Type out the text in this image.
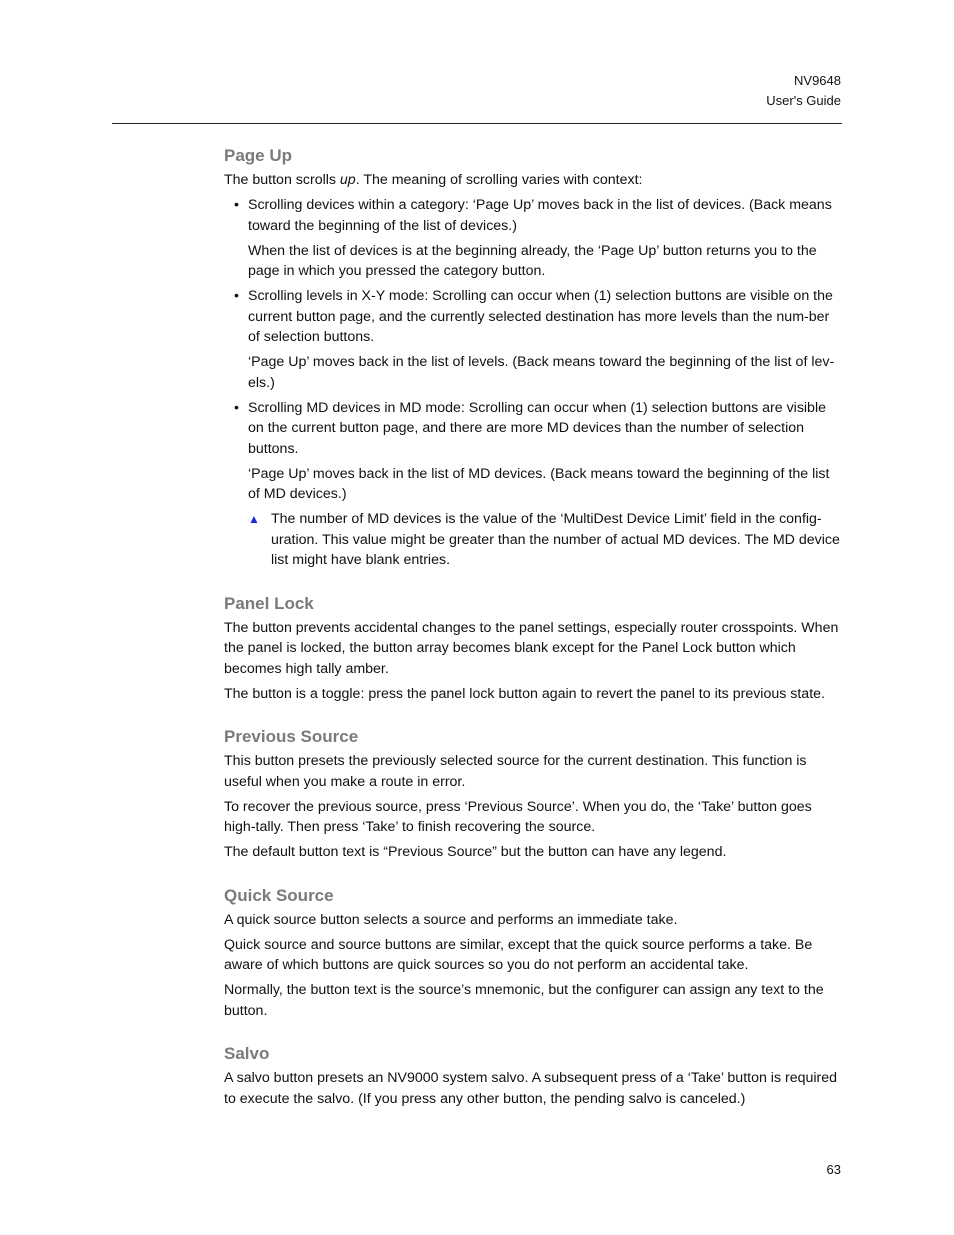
NV9648
User's Guide
Page Up

The button scrolls up. The meaning of scrolling varies with context:

• Scrolling devices within a category: ‘Page Up’ moves back in the list of devices. (Back means toward the beginning of the list of devices.)

When the list of devices is at the beginning already, the ‘Page Up’ button returns you to the page in which you pressed the category button.

• Scrolling levels in X-Y mode: Scrolling can occur when (1) selection buttons are visible on the current button page, and the currently selected destination has more levels than the num-ber of selection buttons.

‘Page Up’ moves back in the list of levels. (Back means toward the beginning of the list of lev-els.)

• Scrolling MD devices in MD mode: Scrolling can occur when (1) selection buttons are visible on the current button page, and there are more MD devices than the number of selection buttons.

‘Page Up’ moves back in the list of MD devices. (Back means toward the beginning of the list of MD devices.)

▲ The number of MD devices is the value of the ‘MultiDest Device Limit’ field in the config-uration. This value might be greater than the number of actual MD devices. The MD device list might have blank entries.

Panel Lock

The button prevents accidental changes to the panel settings, especially router crosspoints. When the panel is locked, the button array becomes blank except for the Panel Lock button which becomes high tally amber.

The button is a toggle: press the panel lock button again to revert the panel to its previous state.

Previous Source

This button presets the previously selected source for the current destination. This function is useful when you make a route in error.

To recover the previous source, press ‘Previous Source’. When you do, the ‘Take’ button goes high-tally. Then press ‘Take’ to finish recovering the source.

The default button text is “Previous Source” but the button can have any legend.

Quick Source

A quick source button selects a source and performs an immediate take.

Quick source and source buttons are similar, except that the quick source performs a take. Be aware of which buttons are quick sources so you do not perform an accidental take.

Normally, the button text is the source’s mnemonic, but the configurer can assign any text to the button.

Salvo

A salvo button presets an NV9000 system salvo. A subsequent press of a ‘Take’ button is required to execute the salvo. (If you press any other button, the pending salvo is canceled.)

63
